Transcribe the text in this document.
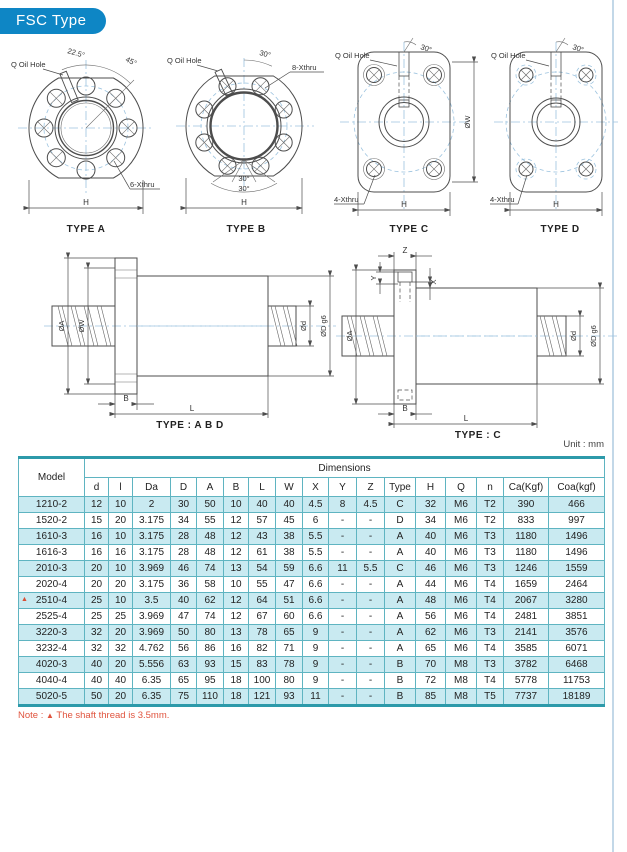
FSC Type
Q Oil Hole
22.5°
45°
6-Xthru
H
TYPE A
30°
Q Oil Hole
8-Xthru
30°
30°
H
TYPE B
Q Oil Hole
30°
ØW
4-Xthru
H
TYPE C
Q Oil Hole
30°
4-Xthru
H
TYPE D
ØA ØW	Ød ØD g6
B
L
TYPE : A B D
Z
Y
X
ØA	Ød ØD g6
B
L
TYPE : C
Unit : mm
Model	Dimensions																
	d	l	Da	D	A	B	L	W	X	Y	Z	Type	H	Q	n	Ca(Kgf)	Coa(kgf)
1210-2	12	10	2	30	50	10	40	40	4.5	8	4.5	C	32	M6	T2	390	466
1520-2	15	20	3.175	34	55	12	57	45	6	-	-	D	34	M6	T2	833	997
1610-3	16	10	3.175	28	48	12	43	38	5.5	-	-	A	40	M6	T3	1180	1496
1616-3	16	16	3.175	28	48	12	61	38	5.5	-	-	A	40	M6	T3	1180	1496
2010-3	20	10	3.969	46	74	13	54	59	6.6	11	5.5	C	46	M6	T3	1246	1559
2020-4	20	20	3.175	36	58	10	55	47	6.6	-	-	A	44	M6	T4	1659	2464

▲ 2510-4	25	10	3.5	40	62	12	64	51	6.6	-	-	A	48	M6	T4	2067	3280
2525-4	25	25	3.969	47	74	12	67	60	6.6	-	-	A	56	M6	T4	2481	3851
3220-3	32	20	3.969	50	80	13	78	65	9	-	-	A	62	M6	T3	2141	3576
3232-4	32	32	4.762	56	86	16	82	71	9	-	-	A	65	M6	T4	3585	6071
4020-3	40	20	5.556	63	93	15	83	78	9	-	-	B	70	M8	T3	3782	6468
4040-4	40	40	6.35	65	95	18	100	80	9	-	-	B	72	M8	T4	5778	11753
5020-5	50	20	6.35	75	110	18	121	93	11	-	-	B	85	M8	T5	7737	18189
Note : ▲ The shaft thread is 3.5mm.
